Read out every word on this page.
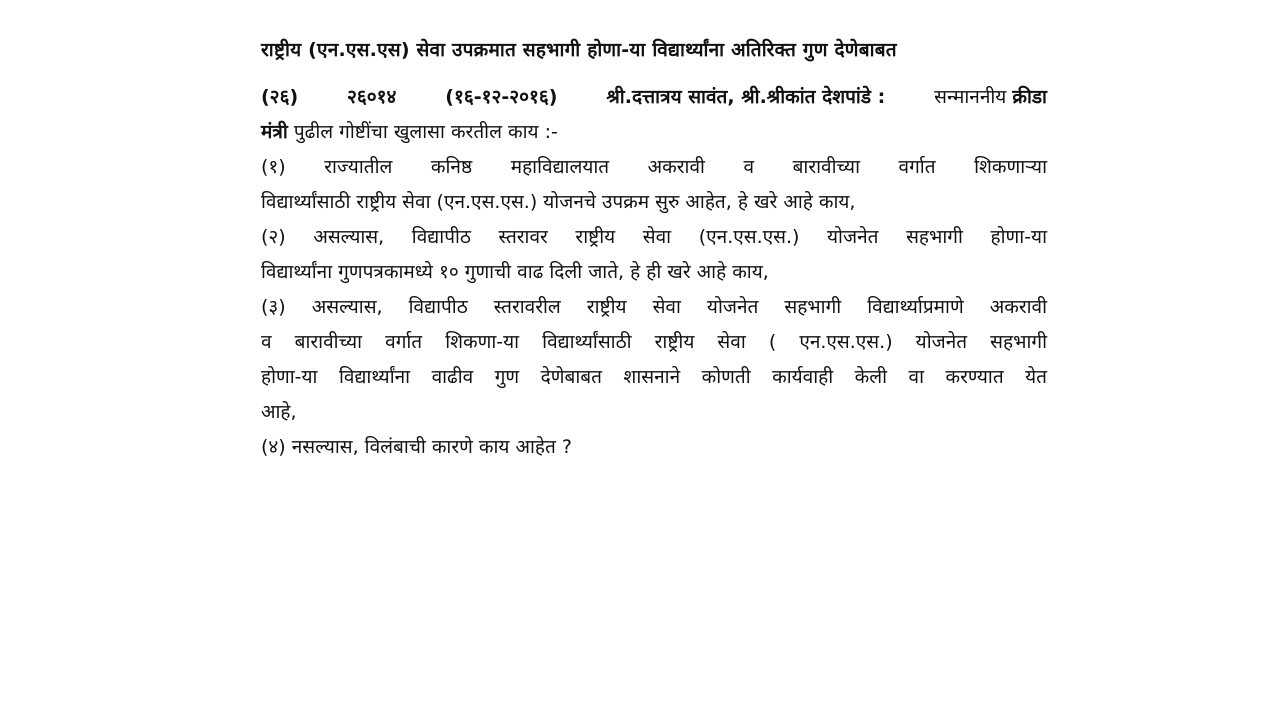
राष्ट्रीय (एन.एस.एस) सेवा उपक्रमात सहभागी होणा-या विद्यार्थ्यांना अतिरिक्त गुण देणेबाबत
(२६)	२६०१४	(१६-१२-२०१६)	श्री.दत्तात्रय सावंत, श्री.श्रीकांत देशपांडे :	सन्माननीय क्रीडा
मंत्री पुढील गोष्टींचा खुलासा करतील काय :-
(१) राज्यातील कनिष्ठ महाविद्यालयात अकरावी व बारावीच्या वर्गात शिकणाऱ्या
विद्यार्थ्यांसाठी राष्ट्रीय सेवा (एन.एस.एस.) योजनचे उपक्रम सुरु आहेत, हे खरे आहे काय,
(२) असल्यास, विद्यापीठ स्तरावर राष्ट्रीय सेवा (एन.एस.एस.) योजनेत सहभागी होणा-या
विद्यार्थ्यांना गुणपत्रकामध्ये १० गुणाची वाढ दिली जाते, हे ही खरे आहे काय,
(३) असल्यास, विद्यापीठ स्तरावरील राष्ट्रीय सेवा योजनेत सहभागी विद्यार्थ्याप्रमाणे अकरावी
व बारावीच्या वर्गात शिकणा-या विद्यार्थ्यांसाठी राष्ट्रीय सेवा ( एन.एस.एस.) योजनेत सहभागी
होणा-या विद्यार्थ्यांना वाढीव गुण देणेबाबत शासनाने कोणती कार्यवाही केली वा करण्यात येत
आहे,
(४) नसल्यास, विलंबाची कारणे काय आहेत ?
